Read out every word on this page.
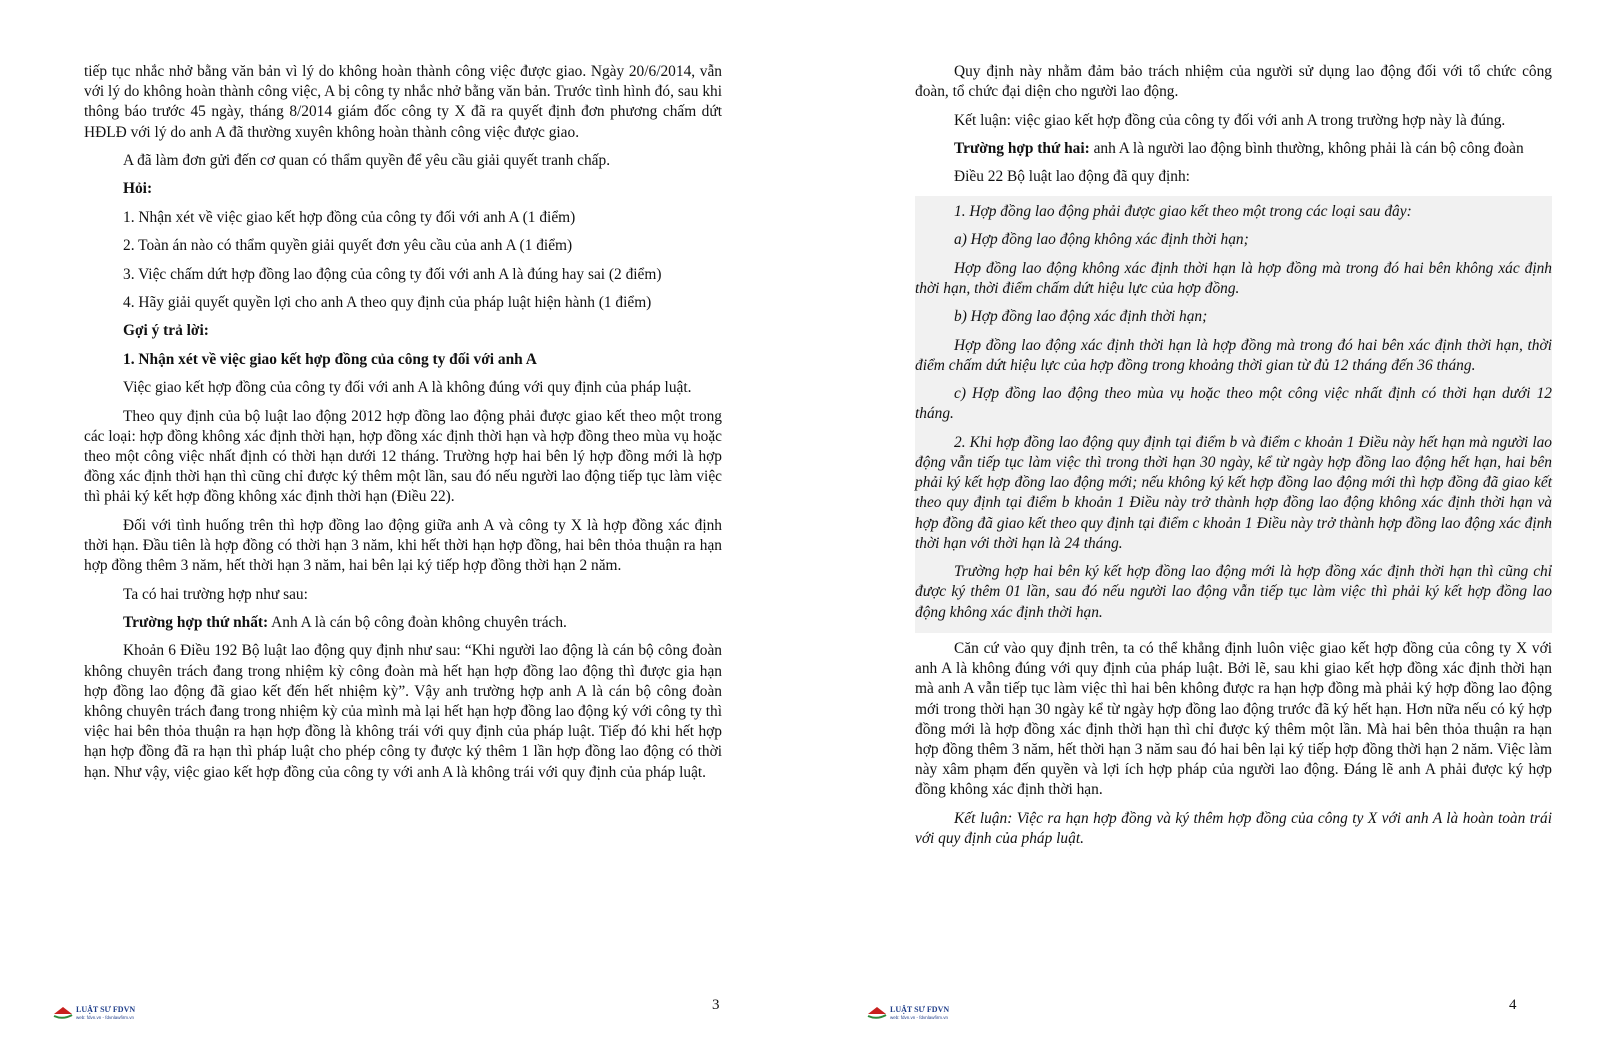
tiếp tục nhắc nhở bằng văn bản vì lý do không hoàn thành công việc được giao. Ngày 20/6/2014, vẫn với lý do không hoàn thành công việc, A bị công ty nhắc nhở bằng văn bản. Trước tình hình đó, sau khi thông báo trước 45 ngày, tháng 8/2014 giám đốc công ty X đã ra quyết định đơn phương chấm dứt HĐLĐ với lý do anh A đã thường xuyên không hoàn thành công việc được giao.

A đã làm đơn gửi đến cơ quan có thẩm quyền để yêu cầu giải quyết tranh chấp.

Hỏi:

1. Nhận xét về việc giao kết hợp đồng của công ty đối với anh A (1 điểm)

2. Toàn án nào có thẩm quyền giải quyết đơn yêu cầu của anh A (1 điểm)

3. Việc chấm dứt hợp đồng lao động của công ty đối với anh A là đúng hay sai (2 điểm)

4. Hãy giải quyết quyền lợi cho anh A theo quy định của pháp luật hiện hành (1 điểm)

Gợi ý trả lời:

1. Nhận xét về việc giao kết hợp đồng của công ty đối với anh A

Việc giao kết hợp đồng của công ty đối với anh A là không đúng với quy định của pháp luật.

Theo quy định của bộ luật lao động 2012 hợp đồng lao động phải được giao kết theo một trong các loại: hợp đồng không xác định thời hạn, hợp đồng xác định thời hạn và hợp đồng theo mùa vụ hoặc theo một công việc nhất định có thời hạn dưới 12 tháng. Trường hợp hai bên lý hợp đồng mới là hợp đồng xác định thời hạn thì cũng chỉ được ký thêm một lần, sau đó nếu người lao động tiếp tục làm việc thì phải ký kết hợp đồng không xác định thời hạn (Điều 22).

Đối với tình huống trên thì hợp đồng lao động giữa anh A và công ty X là hợp đồng xác định thời hạn. Đầu tiên là hợp đồng có thời hạn 3 năm, khi hết thời hạn hợp đồng, hai bên thỏa thuận ra hạn hợp đồng thêm 3 năm, hết thời hạn 3 năm, hai bên lại ký tiếp hợp đồng thời hạn 2 năm.

Ta có hai trường hợp như sau:

Trường hợp thứ nhất: Anh A là cán bộ công đoàn không chuyên trách.

Khoản 6 Điều 192 Bộ luật lao động quy định như sau: “Khi người lao động là cán bộ công đoàn không chuyên trách đang trong nhiệm kỳ công đoàn mà hết hạn hợp đồng lao động thì được gia hạn hợp đồng lao động đã giao kết đến hết nhiệm kỳ”. Vậy anh trường hợp anh A là cán bộ công đoàn không chuyên trách đang trong nhiệm kỳ của mình mà lại hết hạn hợp đồng lao động ký với công ty thì việc hai bên thỏa thuận ra hạn hợp đồng là không trái với quy định của pháp luật. Tiếp đó khi hết hợp hạn hợp đồng đã ra hạn thì pháp luật cho phép công ty được ký thêm 1 lần hợp đồng lao động có thời hạn. Như vậy, việc giao kết hợp đồng của công ty với anh A là không trái với quy định của pháp luật.

LUẬT SƯ FDVN
web: fdvn.vn - fdvnlawfirm.vn
3

Quy định này nhằm đảm bảo trách nhiệm của người sử dụng lao động đối với tổ chức công đoàn, tổ chức đại diện cho người lao động.

Kết luận: việc giao kết hợp đồng của công ty đối với anh A trong trường hợp này là đúng.

Trường hợp thứ hai: anh A là người lao động bình thường, không phải là cán bộ công đoàn

Điều 22 Bộ luật lao động đã quy định:

1. Hợp đồng lao động phải được giao kết theo một trong các loại sau đây:

a) Hợp đồng lao động không xác định thời hạn;

Hợp đồng lao động không xác định thời hạn là hợp đồng mà trong đó hai bên không xác định thời hạn, thời điểm chấm dứt hiệu lực của hợp đồng.

b) Hợp đồng lao động xác định thời hạn;

Hợp đồng lao động xác định thời hạn là hợp đồng mà trong đó hai bên xác định thời hạn, thời điểm chấm dứt hiệu lực của hợp đồng trong khoảng thời gian từ đủ 12 tháng đến 36 tháng.

c) Hợp đồng lao động theo mùa vụ hoặc theo một công việc nhất định có thời hạn dưới 12 tháng.

2. Khi hợp đồng lao động quy định tại điểm b và điểm c khoản 1 Điều này hết hạn mà người lao động vẫn tiếp tục làm việc thì trong thời hạn 30 ngày, kể từ ngày hợp đồng lao động hết hạn, hai bên phải ký kết hợp đồng lao động mới; nếu không ký kết hợp đồng lao động mới thì hợp đồng đã giao kết theo quy định tại điểm b khoản 1 Điều này trở thành hợp đồng lao động không xác định thời hạn và hợp đồng đã giao kết theo quy định tại điểm c khoản 1 Điều này trở thành hợp đồng lao động xác định thời hạn với thời hạn là 24 tháng.

Trường hợp hai bên ký kết hợp đồng lao động mới là hợp đồng xác định thời hạn thì cũng chỉ được ký thêm 01 lần, sau đó nếu người lao động vẫn tiếp tục làm việc thì phải ký kết hợp đồng lao động không xác định thời hạn.

Căn cứ vào quy định trên, ta có thể khẳng định luôn việc giao kết hợp đồng của công ty X với anh A là không đúng với quy định của pháp luật. Bởi lẽ, sau khi giao kết hợp đồng xác định thời hạn mà anh A vẫn tiếp tục làm việc thì hai bên không được ra hạn hợp đồng mà phải ký hợp đồng lao động mới trong thời hạn 30 ngày kể từ ngày hợp đồng lao động trước đã ký hết hạn. Hơn nữa nếu có ký hợp đồng mới là hợp đồng xác định thời hạn thì chỉ được ký thêm một lần. Mà hai bên thỏa thuận ra hạn hợp đồng thêm 3 năm, hết thời hạn 3 năm sau đó hai bên lại ký tiếp hợp đồng thời hạn 2 năm. Việc làm này xâm phạm đến quyền và lợi ích hợp pháp của người lao động. Đáng lẽ anh A phải được ký hợp đồng không xác định thời hạn.

Kết luận: Việc ra hạn hợp đồng và ký thêm hợp đồng của công ty X với anh A là hoàn toàn trái với quy định của pháp luật.

LUẬT SƯ FDVN
web: fdvn.vn - fdvnlawfirm.vn
4
